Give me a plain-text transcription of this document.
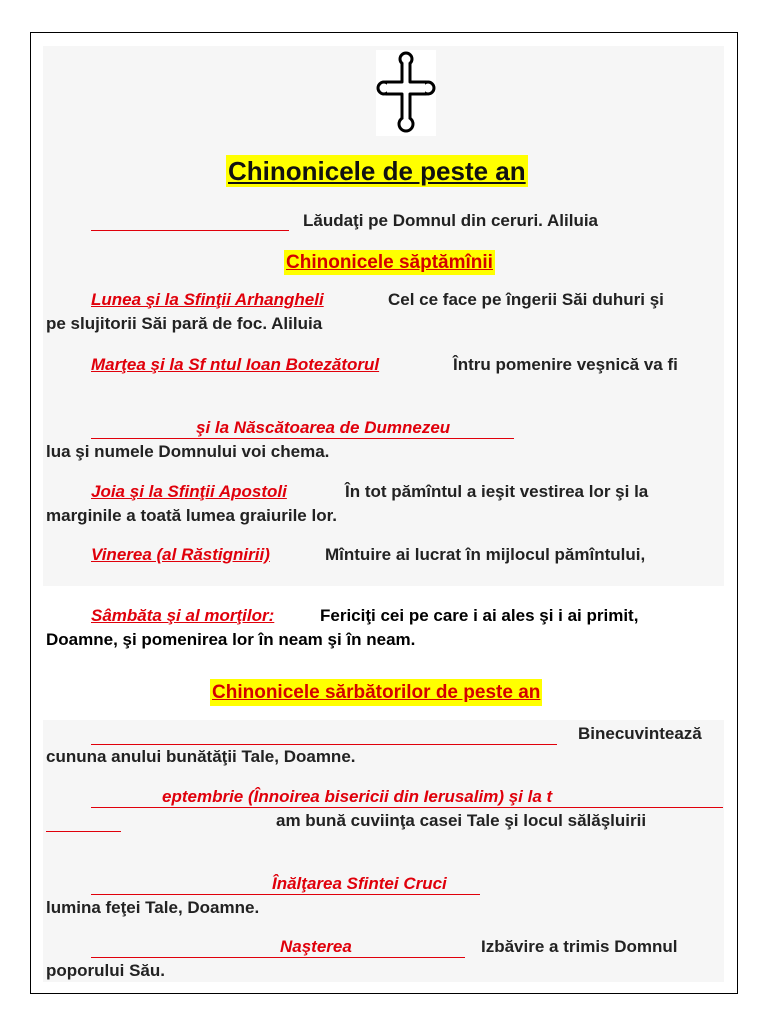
Chinonicele de peste an
Lăudaţi pe Domnul din ceruri. Aliluia
Chinonicele săptămînii
Lunea şi la Sfinţii Arhangheli	Cel ce face pe îngerii Săi duhuri şi
pe slujitorii Săi pară de foc. Aliluia
Marţea şi la Sf ntul Ioan Botezătorul	Întru pomenire veşnică va fi
şi la Născătoarea de Dumnezeu
lua şi numele Domnului voi chema.
Joia şi la Sfinţii Apostoli	În tot pămîntul a ieşit vestirea lor şi la
marginile a toată lumea graiurile lor.
Vinerea (al Răstignirii)	Mîntuire ai lucrat în mijlocul pămîntului,
Sâmbăta şi al morţilor:	Fericiţi cei pe care i ai ales şi i ai primit,
Doamne, şi pomenirea lor în neam şi în neam.
Chinonicele sărbătorilor de peste an
Binecuvintează
cununa anului bunătăţii Tale, Doamne.
eptembrie (Înnoirea bisericii din Ierusalim) şi la t
am bună cuviinţa casei Tale şi locul sălăşluirii
Înălţarea Sfintei Cruci
lumina feţei Tale, Doamne.
Naşterea	Izbăvire a trimis Domnul
poporului Său.
